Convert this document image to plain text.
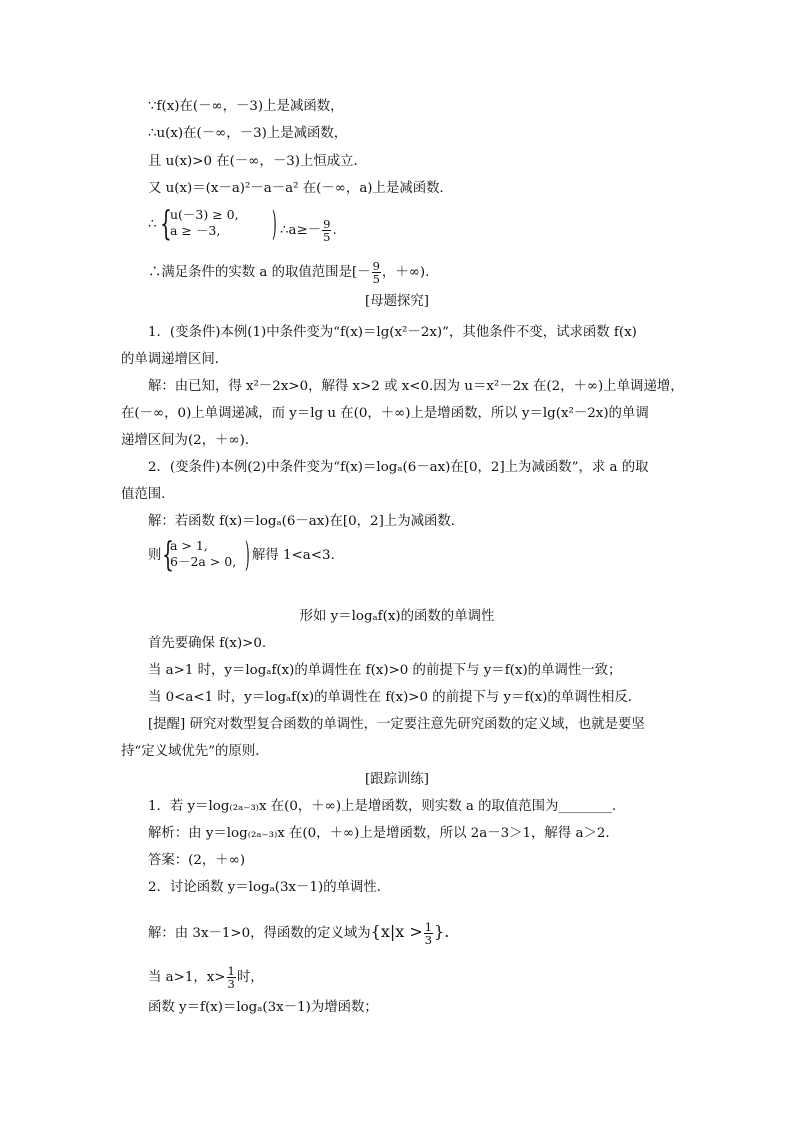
∵f(x)在(－∞，－3)上是减函数，
∴u(x)在(－∞，－3)上是减函数，
且 u(x)>0 在(－∞，－3)上恒成立．
又 u(x)＝(x－a)²－a－a² 在(－∞，a)上是减函数．
∴ {
u(－3) ≥ 0,
a ≥ －3, ) ∴a≥－ $\frac{9}{5}$ .
∴满足条件的实数 a 的取值范围是[－ $\frac{9}{5}$ ，＋∞).
[母题探究]
1．(变条件)本例(1)中条件变为“f(x)＝lg(x²－2x)”，其他条件不变，试求函数 f(x)
的单调递增区间．
解：由已知，得 x²－2x>0，解得 x>2 或 x<0.因为 u＝x²－2x 在(2，＋∞)上单调递增，
在(－∞，0)上单调递减，而 y＝lg u 在(0，＋∞)上是增函数，所以 y＝lg(x²－2x)的单调
递增区间为(2，＋∞)．
2．(变条件)本例(2)中条件变为“f(x)＝logₐ(6－ax)在[0，2]上为减函数”，求 a 的取
值范围．
解：若函数 f(x)＝logₐ(6－ax)在[0，2]上为减函数．
则 {
a > 1,
6－2a > 0, ) 解得 1<a<3.
形如 y＝logₐf(x)的函数的单调性
首先要确保 f(x)>0.
当 a>1 时，y＝logₐf(x)的单调性在 f(x)>0 的前提下与 y＝f(x)的单调性一致；
当 0<a<1 时，y＝logₐf(x)的单调性在 f(x)>0 的前提下与 y＝f(x)的单调性相反．
[提醒] 研究对数型复合函数的单调性，一定要注意先研究函数的定义域，也就是要坚
持“定义域优先”的原则．
[跟踪训练]
1．若 y＝log₍₂ₐ₋₃₎x 在(0，＋∞)上是增函数，则实数 a 的取值范围为________．
解析：由 y＝log₍₂ₐ₋₃₎x 在(0，＋∞)上是增函数，所以 2a－3＞1，解得 a＞2.
答案：(2，＋∞)
2．讨论函数 y＝logₐ(3x－1)的单调性．
解：由 3x－1>0，得函数的定义域为{$x|x > \frac{1}{3}$ }.
当 a>1，$x> \frac{1}{3}$ 时，
函数 y＝f(x)＝logₐ(3x－1)为增函数；
